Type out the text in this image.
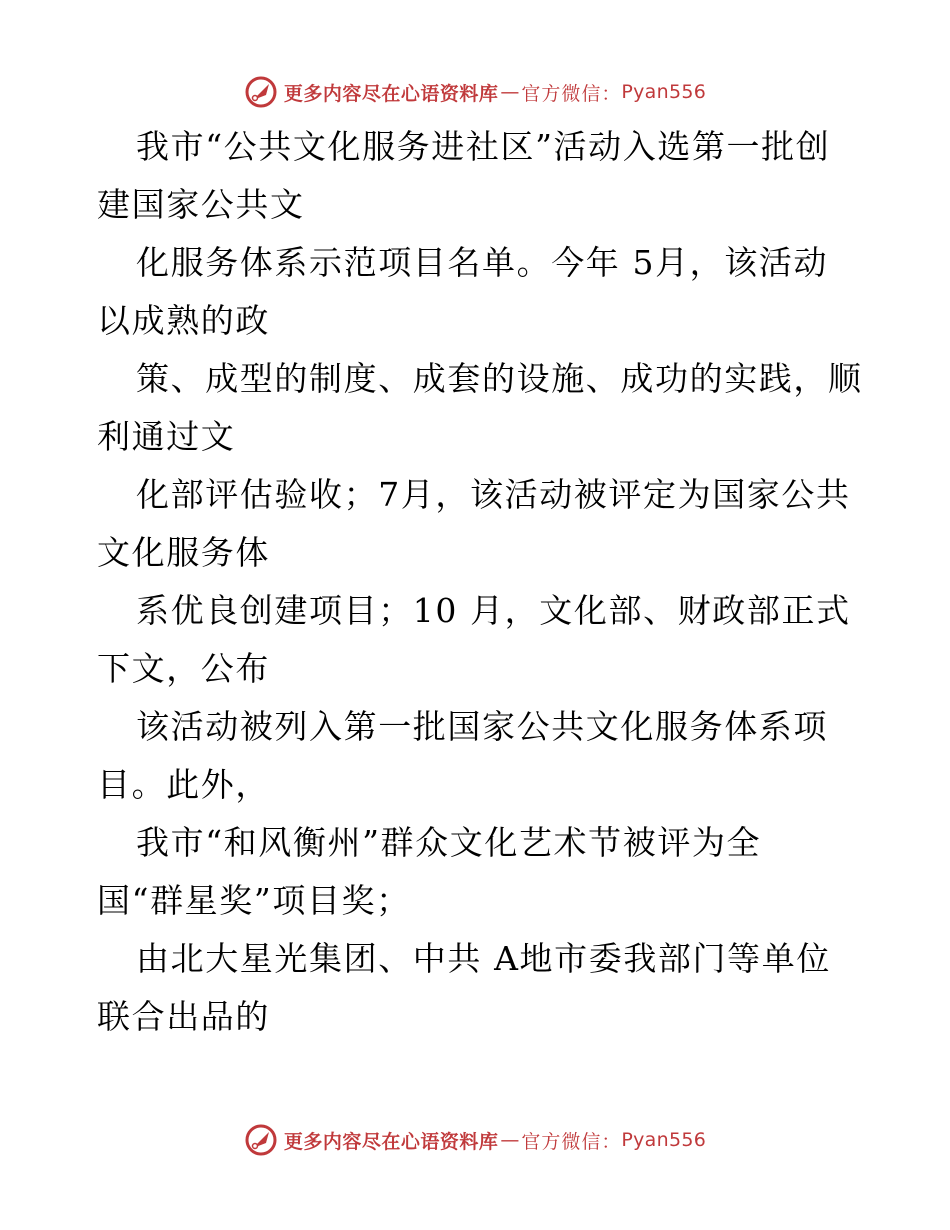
更多内容尽在心语资料库 — 官方微信： Pyan556
我市“公共文化服务进社区”活动入选第一批创
建国家公共文
化服务体系示范项目名单。今年 5月，该活动
以成熟的政
策、成型的制度、成套的设施、成功的实践，顺
利通过文
化部评估验收；7月，该活动被评定为国家公共
文化服务体
系优良创建项目；10 月，文化部、财政部正式
下文，公布
该活动被列入第一批国家公共文化服务体系项
目。此外，
我市“和风衡州”群众文化艺术节被评为全
国“群星奖”项目奖；
由北大星光集团、中共 A地市委我部门等单位
联合出品的
更多内容尽在心语资料库 — 官方微信： Pyan556
